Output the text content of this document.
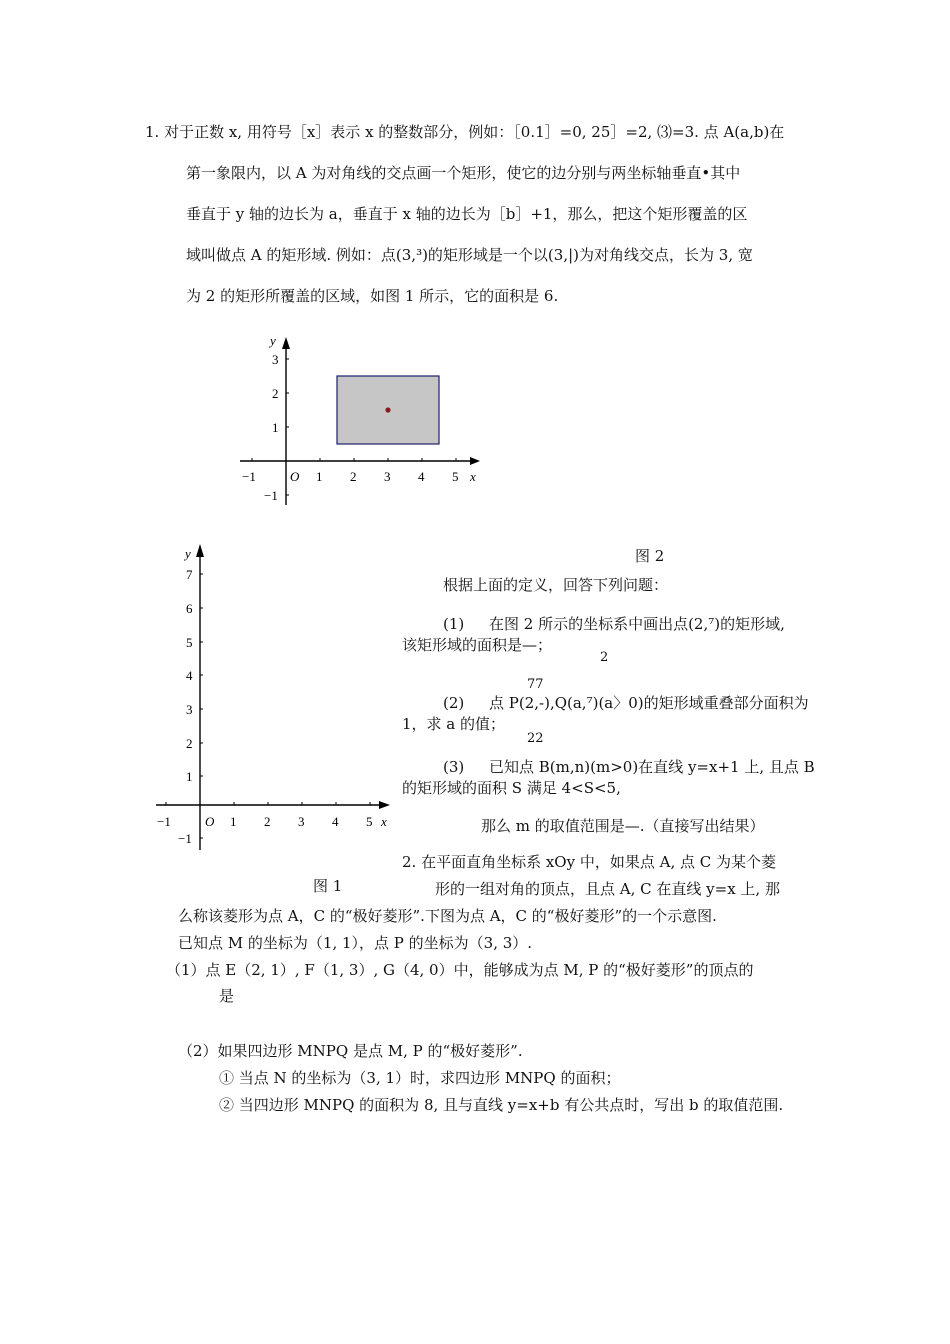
1. 对于正数 x, 用符号［x］表示 x 的整数部分，例如：［0.1］=0, 25］=2, ⑶=3. 点 A(a,b)在
第一象限内，以 A 为对角线的交点画一个矩形，使它的边分别与两坐标轴垂直•其中
垂直于 y 轴的边长为 a，垂直于 x 轴的边长为［b］+1，那么，把这个矩形覆盖的区
域叫做点 A 的矩形域. 例如：点(3,³)的矩形域是一个以(3,|)为对角线交点，长为 3, 宽
为 2 的矩形所覆盖的区域，如图 1 所示，它的面积是 6.
y
x
O
−1	1 2 3 4 5
3
2
1
−1
y
x
O
−1	1 2 3 4 5
7
6
5
4
3
2
1
−1
图 2
图 1
根据上面的定义，回答下列问题：
(1) 在图 2 所示的坐标系中画出点(2,⁷)的矩形域,
该矩形域的面积是—；
2
77
(2) 点 P(2,-),Q(a,⁷)(a〉0)的矩形域重叠部分面积为
1，求 a 的值；
22
(3) 已知点 B(m,n)(m>0)在直线 y=x+1 上, 且点 B
的矩形域的面积 S 满足 4<S<5,
那么 m 的取值范围是—.（直接写出结果）
2. 在平面直角坐标系 xOy 中，如果点 A, 点 C 为某个菱
形的一组对角的顶点，且点 A, C 在直线 y=x 上, 那
么称该菱形为点 A，C 的“极好菱形”.下图为点 A，C 的“极好菱形”的一个示意图.
已知点 M 的坐标为（1, 1），点 P 的坐标为（3, 3）.
（1）点 E（2, 1）, F（1, 3）, G（4, 0）中，能够成为点 M, P 的“极好菱形”的顶点的
是
（2）如果四边形 MNPQ 是点 M, P 的“极好菱形”.
① 当点 N 的坐标为（3, 1）时，求四边形 MNPQ 的面积；
② 当四边形 MNPQ 的面积为 8, 且与直线 y=x+b 有公共点时，写出 b 的取值范围.
